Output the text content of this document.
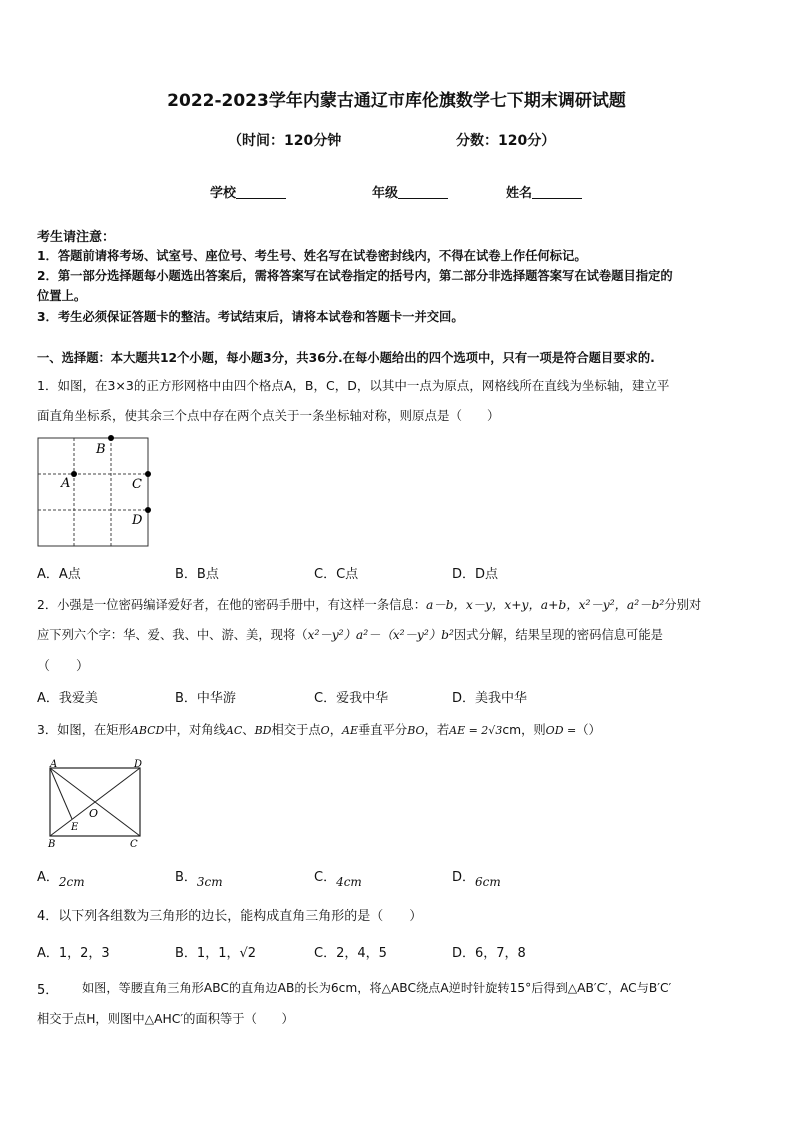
2022-2023学年内蒙古通辽市库伦旗数学七下期末调研试题
（时间：120分钟	分数：120分）
学校	年级	姓名
考生请注意：
1．答题前请将考场、试室号、座位号、考生号、姓名写在试卷密封线内，不得在试卷上作任何标记。
2．第一部分选择题每小题选出答案后，需将答案写在试卷指定的括号内，第二部分非选择题答案写在试卷题目指定的
位置上。
3．考生必须保证答题卡的整洁。考试结束后，请将本试卷和答题卡一并交回。
一、选择题：本大题共12个小题，每小题3分，共36分.在每小题给出的四个选项中，只有一项是符合题目要求的.
1．如图，在3×3的正方形网格中由四个格点A，B，C，D，以其中一点为原点，网格线所在直线为坐标轴，建立平
面直角坐标系，使其余三个点中存在两个点关于一条坐标轴对称，则原点是（　　）
B
A	C
D
A．A点	B．B点	C．C点	D．D点
2．小强是一位密码编译爱好者，在他的密码手册中，有这样一条信息：a－b，x－y，x+y，a+b，x²－y²，a²－b²分别对
应下列六个字：华、爱、我、中、游、美，现将（x²－y²）a²－（x²－y²）b²因式分解，结果呈现的密码信息可能是
（　　）
A．我爱美	B．中华游	C．爱我中华	D．美我中华
3．如图，在矩形ABCD中，对角线AC、BD相交于点O，AE垂直平分BO，若AE = 2√3cm，则OD =（）
A	D
B	C
O
E
A．2cm	B．3cm	C．4cm	D．6cm
4．以下列各组数为三角形的边长，能构成直角三角形的是（　　）
A．1，2，3	B．1，1，√2	C．2，4，5	D．6，7，8
5． 如图，等腰直角三角形ABC的直角边AB的长为6cm，将△ABC绕点A逆时针旋转15°后得到△AB′C′，AC与B′C′
相交于点H，则图中△AHC′的面积等于（　　）
